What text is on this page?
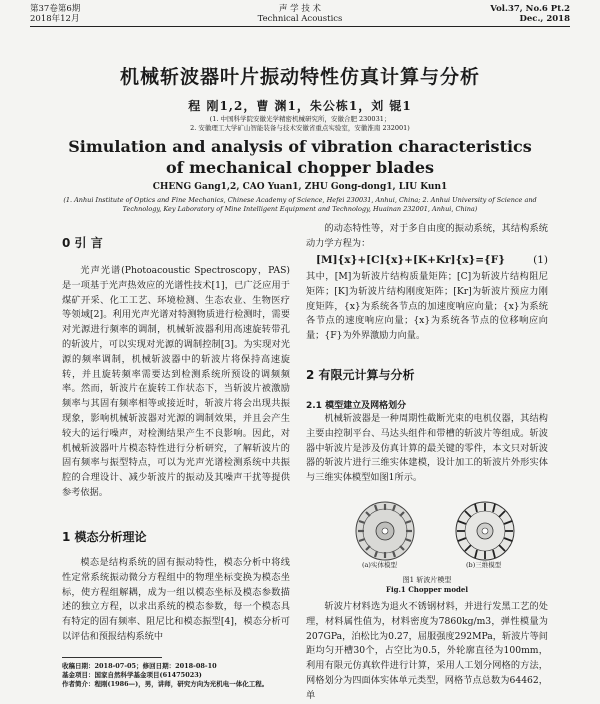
第37卷第6期
2018年12月
声 学 技 术
Technical Acoustics
Vol.37, No.6 Pt.2
Dec., 2018
机械斩波器叶片振动特性仿真计算与分析
程 刚1,2，曹 渊1，朱公栋1，刘 锟1
(1. 中国科学院安徽光学精密机械研究所，安徽合肥 230031；
2. 安徽理工大学矿山智能装备与技术安徽省重点实验室，安徽淮南 232001)
Simulation and analysis of vibration characteristics of mechanical chopper blades
CHENG Gang1,2, CAO Yuan1, ZHU Gong-dong1, LIU Kun1
(1. Anhui Institute of Optics and Fine Mechanics, Chinese Academy of Science, Hefei 230031, Anhui, China; 2. Anhui University of Science and Technology, Key Laboratory of Mine Intelligent Equipment and Technology, Huainan 232001, Anhui, China)
0 引 言
光声光谱(Photoacoustic Spectroscopy，PAS)是一项基于光声热效应的光谱性技术[1]，已广泛应用于煤矿开采、化工工艺、环境检测、生态农业、生物医疗等领域[2]。利用光声光谱对特测物质进行检测时，需要对光源进行频率的调制，机械斩波器利用高速旋转带孔的斩波片，可以实现对光源的调制控制[3]。为实现对光源的频率调制，机械斩波器中的斩波片将保持高速旋转，并且旋转频率需要达到检测系统所预设的调频频率。然而，斩波片在旋转工作状态下，当斩波片被激励频率与其固有频率相等或接近时，斩波片将会出现共振现象，影响机械斩波器对光源的调制效果，并且会产生较大的运行噪声，对检测结果产生不良影响。因此，对机械斩波器叶片模态特性进行分析研究，了解斩波片的固有频率与振型特点，可以为光声光谱检测系统中共振腔的合理设计、减少斩波片的振动及其噪声干扰等提供参考依据。
1 模态分析理论
模态是结构系统的固有振动特性，模态分析中将线性定常系统振动微分方程组中的物理坐标变换为模态坐标，使方程组解耦，成为一组以模态坐标及模态参数描述的独立方程，以求出系统的模态参数，每一个模态具有特定的固有频率、阻尼比和模态振型[4]，模态分析可以评估和预报结构系统中
收稿日期：2018-07-05；修回日期：2018-08-10
基金项目：国家自然科学基金项目(61475023)
作者简介：程刚(1986—)，男，讲师，研究方向为光机电一体化工程。
的动态特性等，对于多自由度的振动系统，其结构系统动力学方程为：
[M]{x}+[C]{x}+[K+Kr]{x}={F}	(1)
其中，[M]为斩波片结构质量矩阵；[C]为斩波片结构阻尼矩阵；[K]为斩波片结构刚度矩阵；[Kr]为斩波片预应力刚度矩阵，{x}为系统各节点的加速度响应向量；{x}为系统各节点的速度响应向量；{x}为系统各节点的位移响应向量；{F}为外界激励力向量。
2 有限元计算与分析
2.1 模型建立及网格划分
机械斩波器是一种周期性截断光束的电机仪器，其结构主要由控制平台、马达头组件和带槽的斩波片等组成。斩波器中斩波片是涉及仿真计算的最关键的零件，本文只对斩波器的斩波片进行三维实体建模，设计加工的斩波片外形实体与三维实体模型如图1所示。
(a)实体模型	(b)三维模型
图1 斩波片模型
Fig.1 Chopper model
斩波片材料选为退火不锈钢材料，并进行发黑工艺的处理，材料属性值为，材料密度为7860kg/m3，弹性模量为207GPa，泊松比为0.27，屈服强度292MPa，斩波片等间距均匀开槽30个，占空比为0.5，外轮廓直径为100mm，利用有限元仿真软件进行计算，采用人工划分网格的方法，网格划分为四面体实体单元类型，网格节点总数为64462，单
